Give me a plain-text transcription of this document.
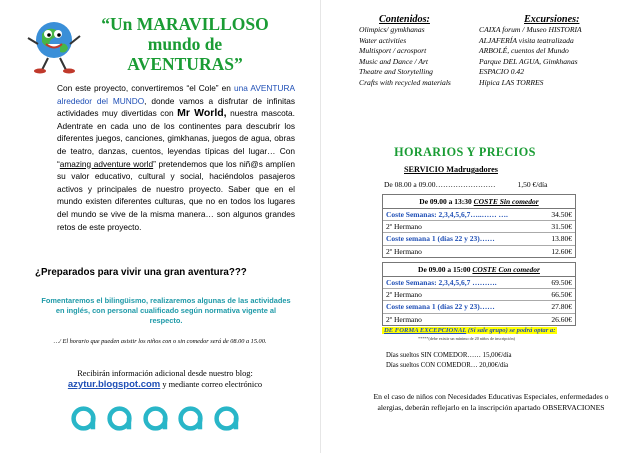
“Un MARAVILLOSO
mundo de
AVENTURAS”

Con este proyecto, convertiremos “el Cole” en una AVENTURA alrededor del MUNDO, donde vamos a disfrutar de infinitas actividades muy divertidas con Mr World, nuestra mascota. Adentrate en cada uno de los continentes para descubrir los diferentes juegos, canciones, gimkhanas, juegos de agua, obras de teatro, danzas, cuentos, leyendas típicas del lugar… Con “amazing adventure world” pretendemos que los niñ@s amplíen su valor educativo, cultural y social, haciéndolos pasajeros activos y principales de nuestro proyecto. Saber que en el mundo existen diferentes culturas, que no en todos los lugares del mundo se vive de la misma manera… son algunos grandes retos de este proyecto.

¿Preparados para vivir una gran aventura???
Fomentaremos el bilingüismo, realizaremos algunas de las actividades en inglés, con personal cualificado según normativa vigente al respecto.
…/ El horario que pueden asistir los niños con o sin comedor será de 08.00 a 15.00.
Recibirán información adicional desde nuestro blog:
azytur.blogspot.com y mediante correo electrónico
Contenidos:	Excursiones:
Olimpics/ gymkhanas	CAIXA forum / Museo HISTORIA
Water activities	ALJAFERÍA visita teatralizada
Multisport / acrosport	ARBOLÉ, cuentos del Mundo
Music and Dance / Art	Parque DEL AGUA, Gimkhanas
Theatre and Storytelling	ESPACIO 0.42
Crafts with recycled materials	Hípica LAS TORRES
HORARIOS Y PRECIOS
SERVICIO Madrugadores
De 08.00 a 09.00……………………	1,50 €/día
De 09.00 a 13:30 COSTE Sin comedor
Coste Semanas: 2,3,4,5,6,7…..…… ….	34.50€
2º Hermano	31.50€
Coste semana 1 (días 22 y 23)……	13.80€
2º Hermano	12.60€
De 09.00 a 15:00 COSTE Con comedor
Coste Semanas: 2,3,4,5,6,7 ……….	69.50€
2º Hermano	66.50€
Coste semana 1 (días 22 y 23)……	27.80€
2º Hermano	26.60€
DE FORMA EXCEPCIONAL (Si sale grupo) se podrá optar a:
*****(debe existir un mínimo de 20 niños de inscripción)
Días sueltos SIN COMEDOR…… 15,00€/día
Días sueltos CON COMEDOR… 20,00€/día
En el caso de niños con Necesidades Educativas Especiales, enfermedades o alergias, deberán reflejarlo en la inscripción apartado OBSERVACIONES
